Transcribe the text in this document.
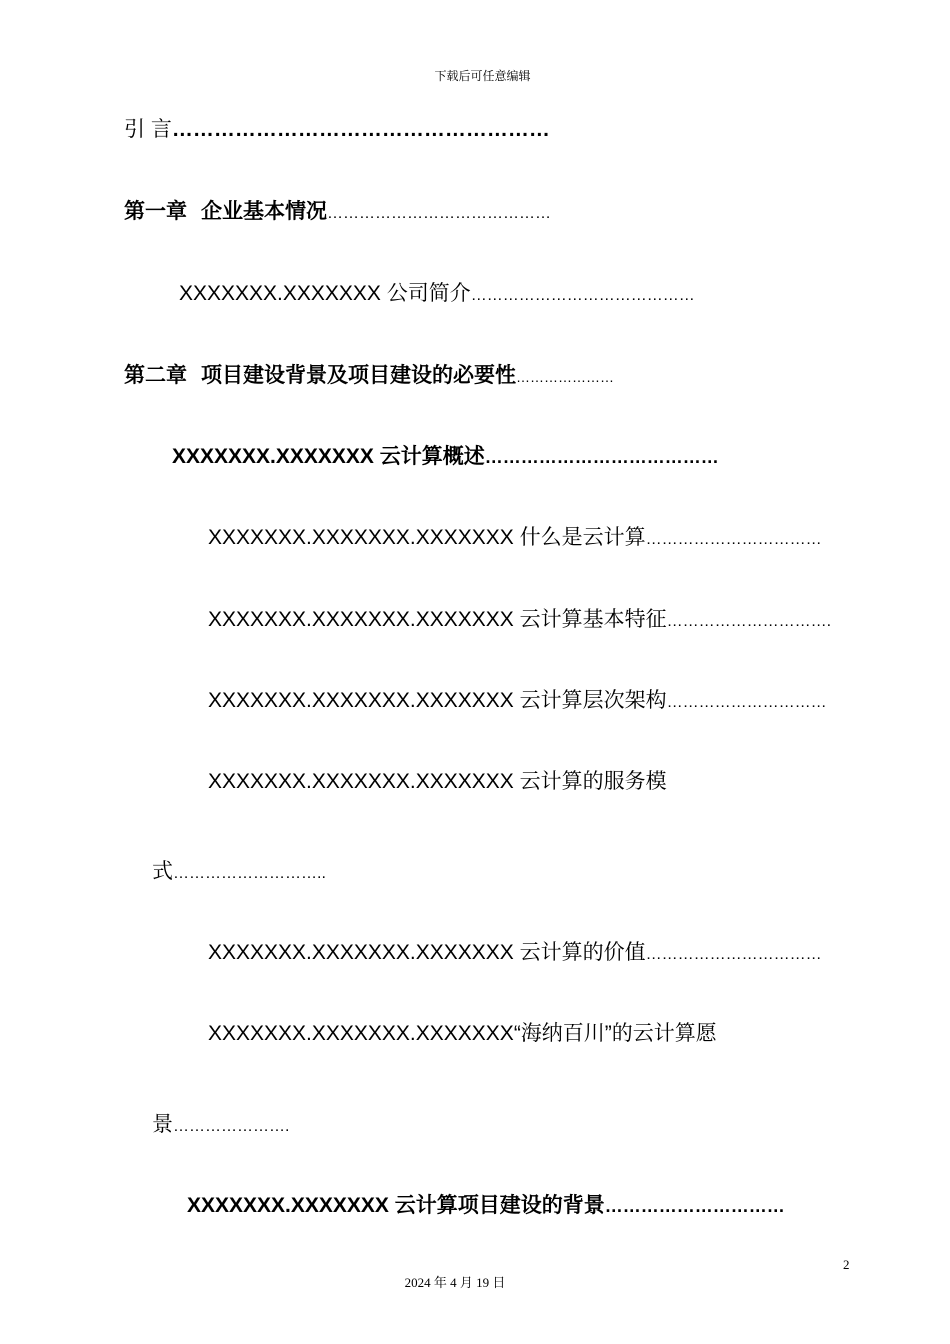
下载后可任意编辑
引 言………………………………………………
第一章 企业基本情况……………………………………
XXXXXXX.XXXXXXX 公司简介……………………………………
第二章 项目建设背景及项目建设的必要性…………………
XXXXXXX.XXXXXXX 云计算概述…………………………………
XXXXXXX.XXXXXXX.XXXXXXX 什么是云计算……………………………
XXXXXXX.XXXXXXX.XXXXXXX 云计算基本特征………………………….
XXXXXXX.XXXXXXX.XXXXXXX 云计算层次架构…………………………
XXXXXXX.XXXXXXX.XXXXXXX 云计算的服务模
式………………………..
XXXXXXX.XXXXXXX.XXXXXXX 云计算的价值……………………………
XXXXXXX.XXXXXXX.XXXXXXX“海纳百川”的云计算愿
景………………….
XXXXXXX.XXXXXXX 云计算项目建设的背景…………………………
2
2024 年 4 月 19 日
